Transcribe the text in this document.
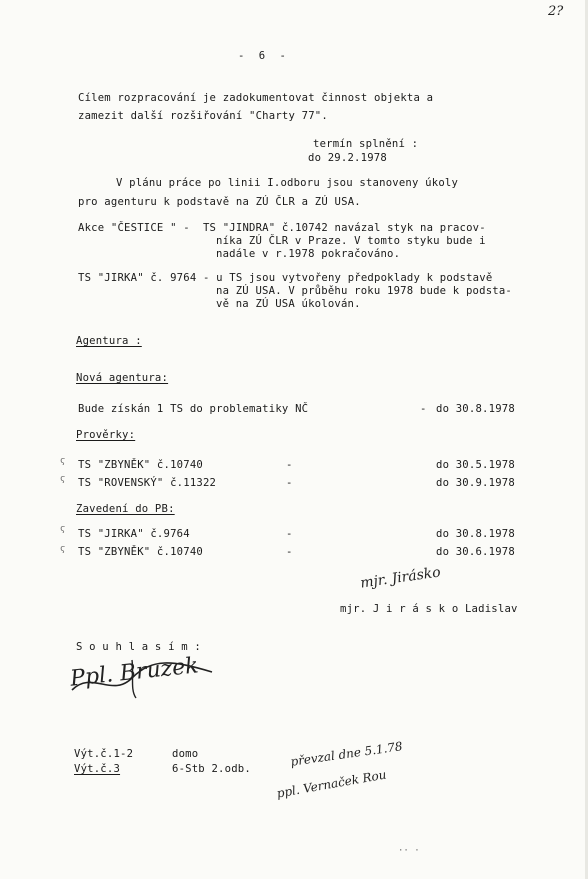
2?
- 6 -
Cílem rozpracování je zadokumentovat činnost objekta a
zamezit další rozšiřování "Charty 77".
termín splnění :
do 29.2.1978
V plánu práce po linii I.odboru jsou stanoveny úkoly
pro agenturu k podstavě na ZÚ ČLR a ZÚ USA.
Akce "ČESTICE " -  TS "JINDRA" č.10742 navázal styk na pracov-
níka ZÚ ČLR v Praze. V tomto styku bude i
nadále v r.1978 pokračováno.
TS "JIRKA" č. 9764 - u TS jsou vytvořeny předpoklady k podstavě
na ZÚ USA. V průběhu roku 1978 bude k podsta-
vě na ZÚ USA úkolován.
Agentura :
Nová agentura:
Bude získán 1 TS do problematiky NČ	- do 30.8.1978
Prověrky:
ϛ TS "ZBYNĚK" č.10740	-	do 30.5.1978
ϛ TS "ROVENSKÝ" č.11322	-	do 30.9.1978
Zavedení do PB:
ϛ TS "JIRKA" č.9764	-	do 30.8.1978
ϛ TS "ZBYNĚK" č.10740	-	do 30.6.1978
mjr. Jirásko
mjr. J i r á s k o Ladislav
S o u h l a s í m :
Ppl. Bruzek
Výt.č.1-2	domo
Výt.č.3	6-Stb 2.odb.
převzal dne 5.1.78
ppl. Vernaček Rou
·· ·
